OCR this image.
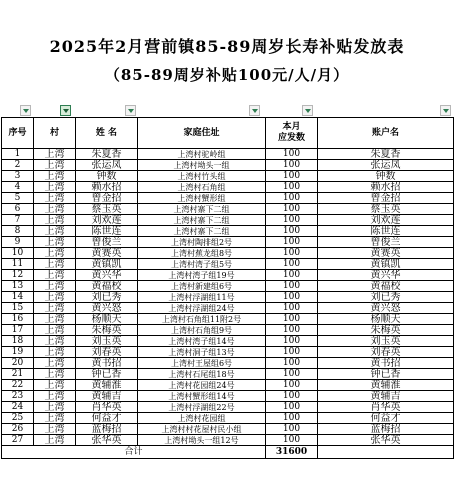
2025年2月营前镇85-89周岁长寿补贴发放表
（85-89周岁补贴100元/人/月）
序号	村	姓 名	家庭住址	本月
应发数	账户名
1	上湾	朱夏香	上湾村驼岭组	100	朱夏香
2	上湾	张运凤	上湾村坳头一组	100	张运凤
3	上湾	钟数	上湾村竹头组	100	钟数
4	上湾	赖水招	上湾村石角组	100	赖水招
5	上湾	曾金招	上湾村蟹形组	100	曾金招
6	上湾	蔡玉英	上湾村寨下二组	100	蔡玉英
7	上湾	刘欢莲	上湾村寨下二组	100	刘欢莲
8	上湾	陈世连	上湾村寨下二组	100	陈世连
9	上湾	曾俊兰	上湾村陶排组2号	100	曾俊兰
10	上湾	黄赛英	上湾村蕉龙组8号	100	黄赛英
11	上湾	黄镇凯	上湾村湾子组5号	100	黄镇凯
12	上湾	黄兴华	上湾村湾子组19号	100	黄兴华
13	上湾	黄福校	上湾村新建组6号	100	黄福校
14	上湾	刘已秀	上湾村浮湖组11号	100	刘已秀
15	上湾	黄兴怒	上湾村浮湖组24号	100	黄兴怒
16	上湾	杨顺天	上湾村石角组11附2号	100	杨顺天
17	上湾	朱梅英	上湾村石角组9号	100	朱梅英
18	上湾	刘玉英	上湾村湾子组14号	100	刘玉英
19	上湾	刘春英	上湾村洞子组13号	100	刘春英
20	上湾	黄书招	上湾村王屋组6号	100	黄书招
21	上湾	钟已香	上湾村石尾组18号	100	钟已香
22	上湾	黄辅淮	上湾村花园组24号	100	黄辅淮
23	上湾	黄辅吉	上湾村蟹形组14号	100	黄辅吉
24	上湾	肖华英	上湾村浮湖组22号	100	肖华英
25	上湾	何益才	上湾村花园组	100	何益才
26	上湾	蓝梅招	上湾村村花屋村民小组	100	蓝梅招
27	上湾	张华英	上湾村坳头一组12号	100	张华英
合计				31600	
